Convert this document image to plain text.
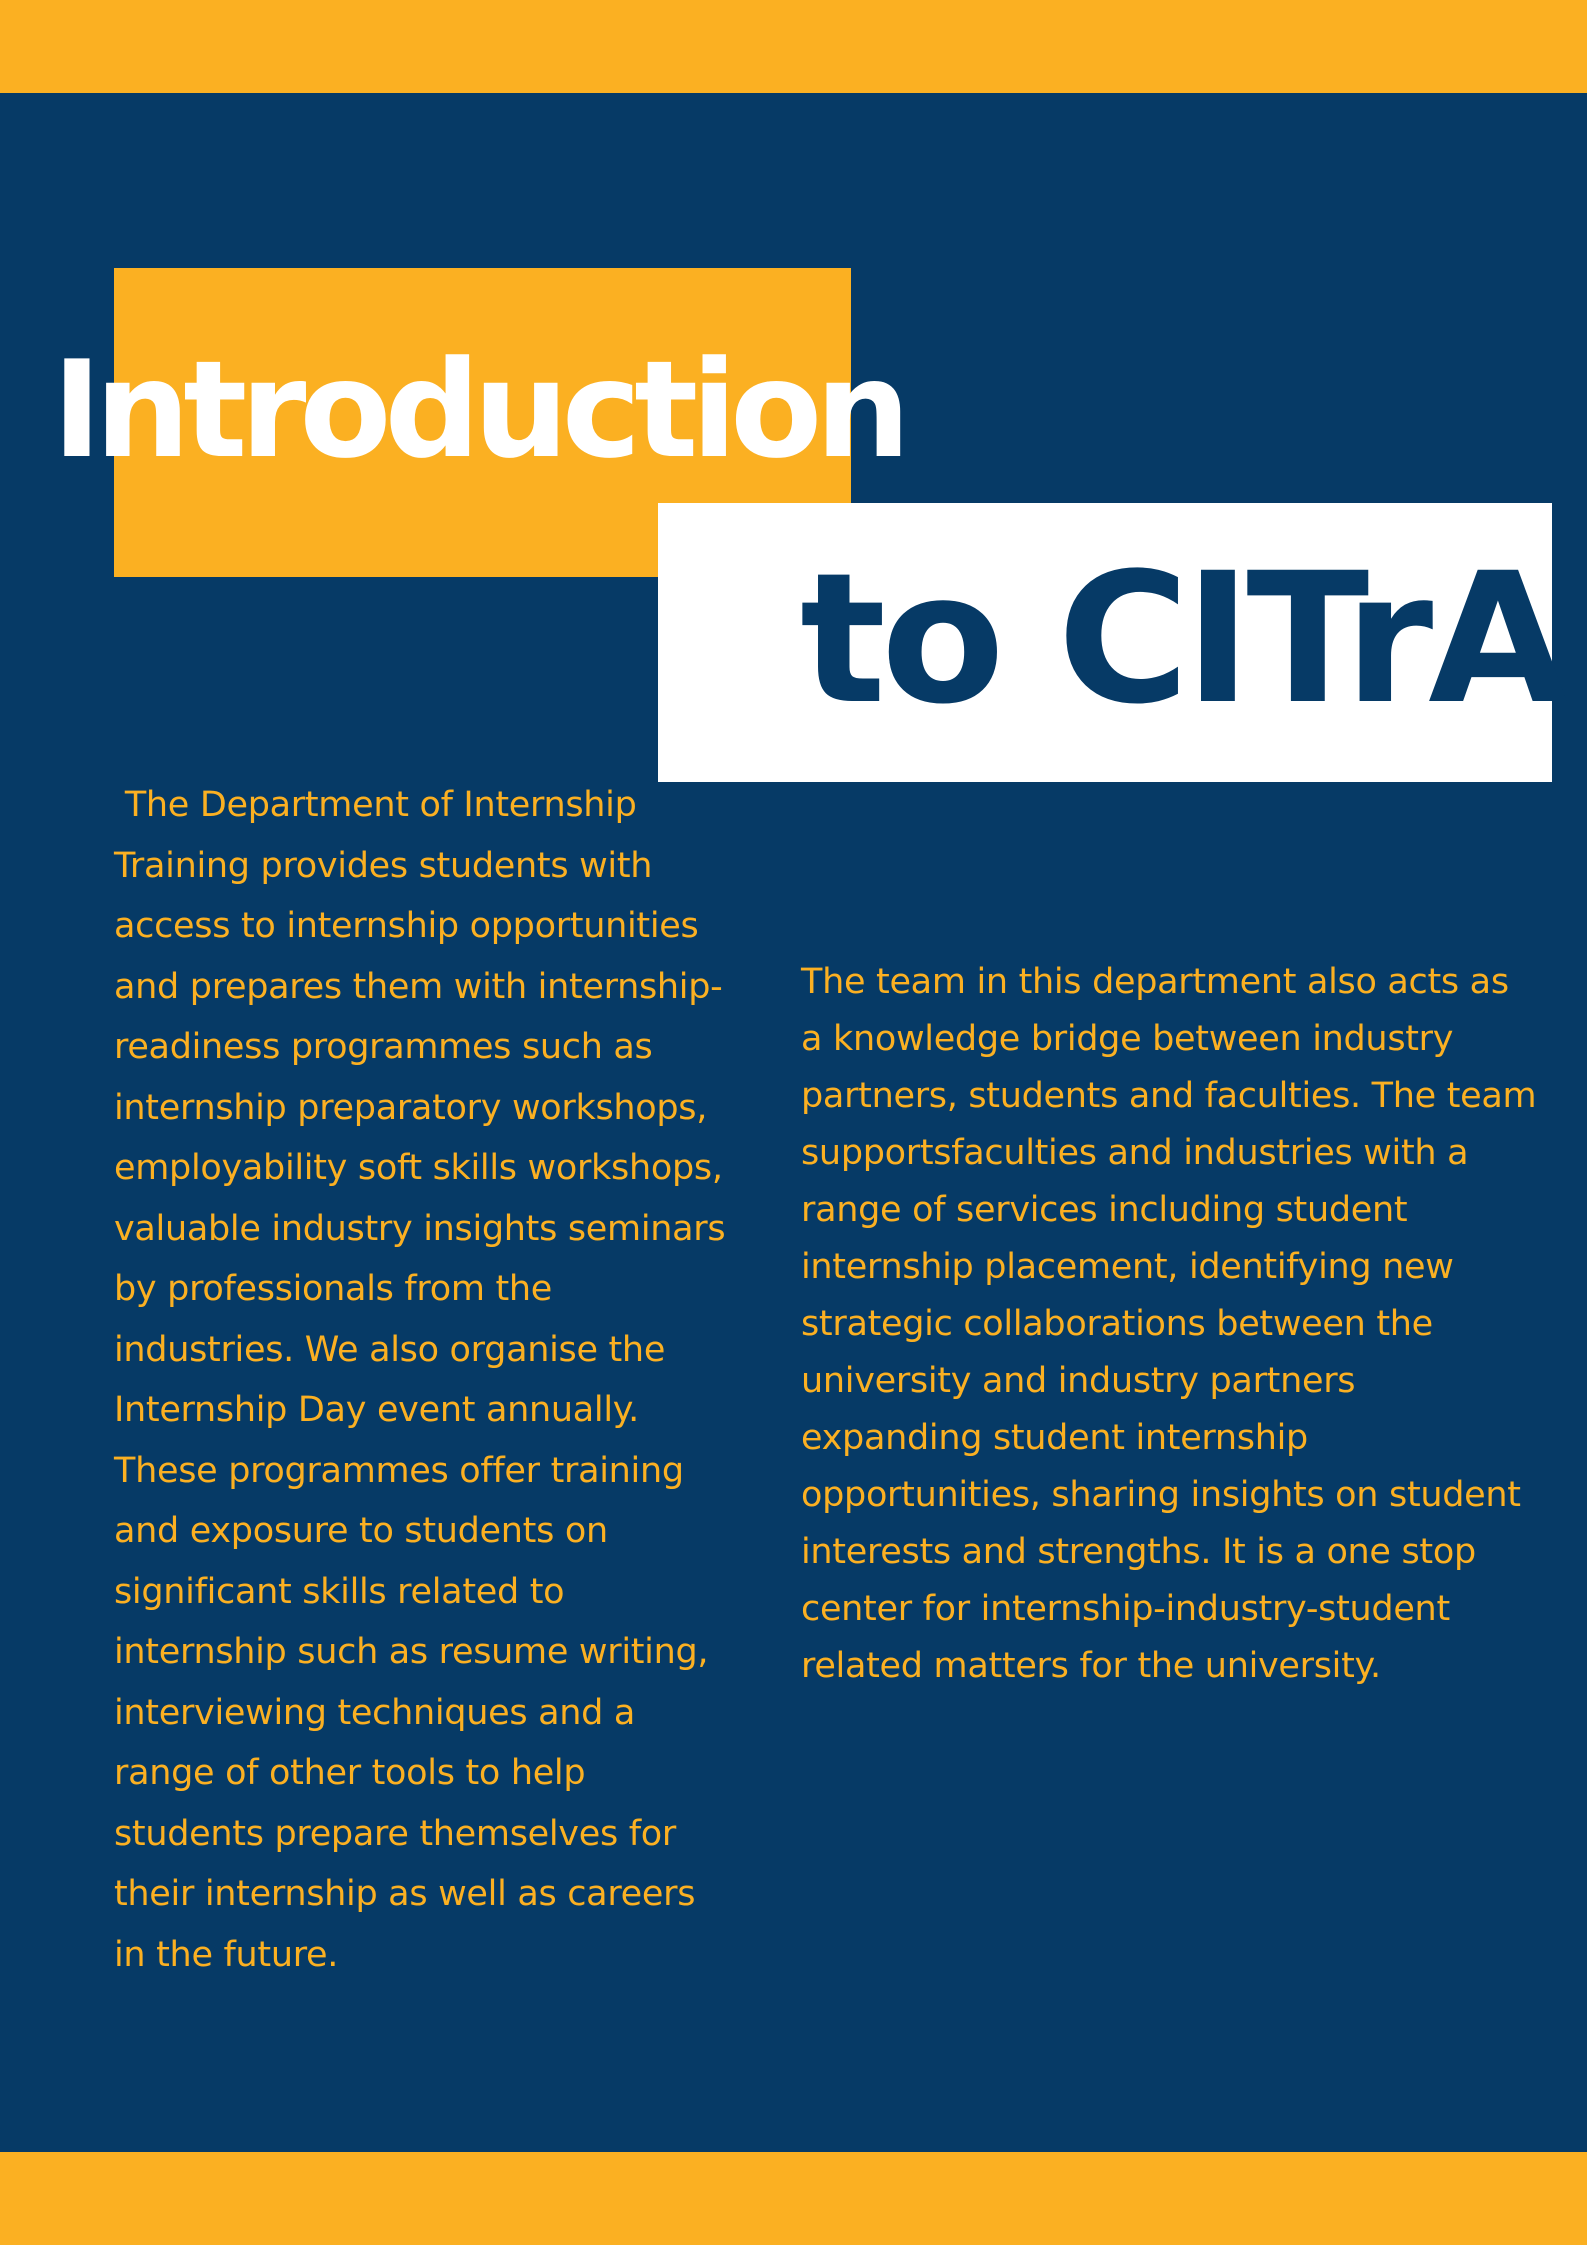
Introduction
to CITrA

The Department of Internship
Training provides students with
access to internship opportunities
and prepares them with internship-
readiness programmes such as
internship preparatory workshops,
employability soft skills workshops,
valuable industry insights seminars
by professionals from the
industries. We also organise the
Internship Day event annually.
These programmes offer training
and exposure to students on
significant skills related to
internship such as resume writing,
interviewing techniques and a
range of other tools to help
students prepare themselves for
their internship as well as careers
in the future.

The team in this department also acts as
a knowledge bridge between industry
partners, students and faculties. The team
supportsfaculties and industries with a
range of services including student
internship placement, identifying new
strategic collaborations between the
university and industry partners
expanding student internship
opportunities, sharing insights on student
interests and strengths. It is a one stop
center for internship-industry-student
related matters for the university.
